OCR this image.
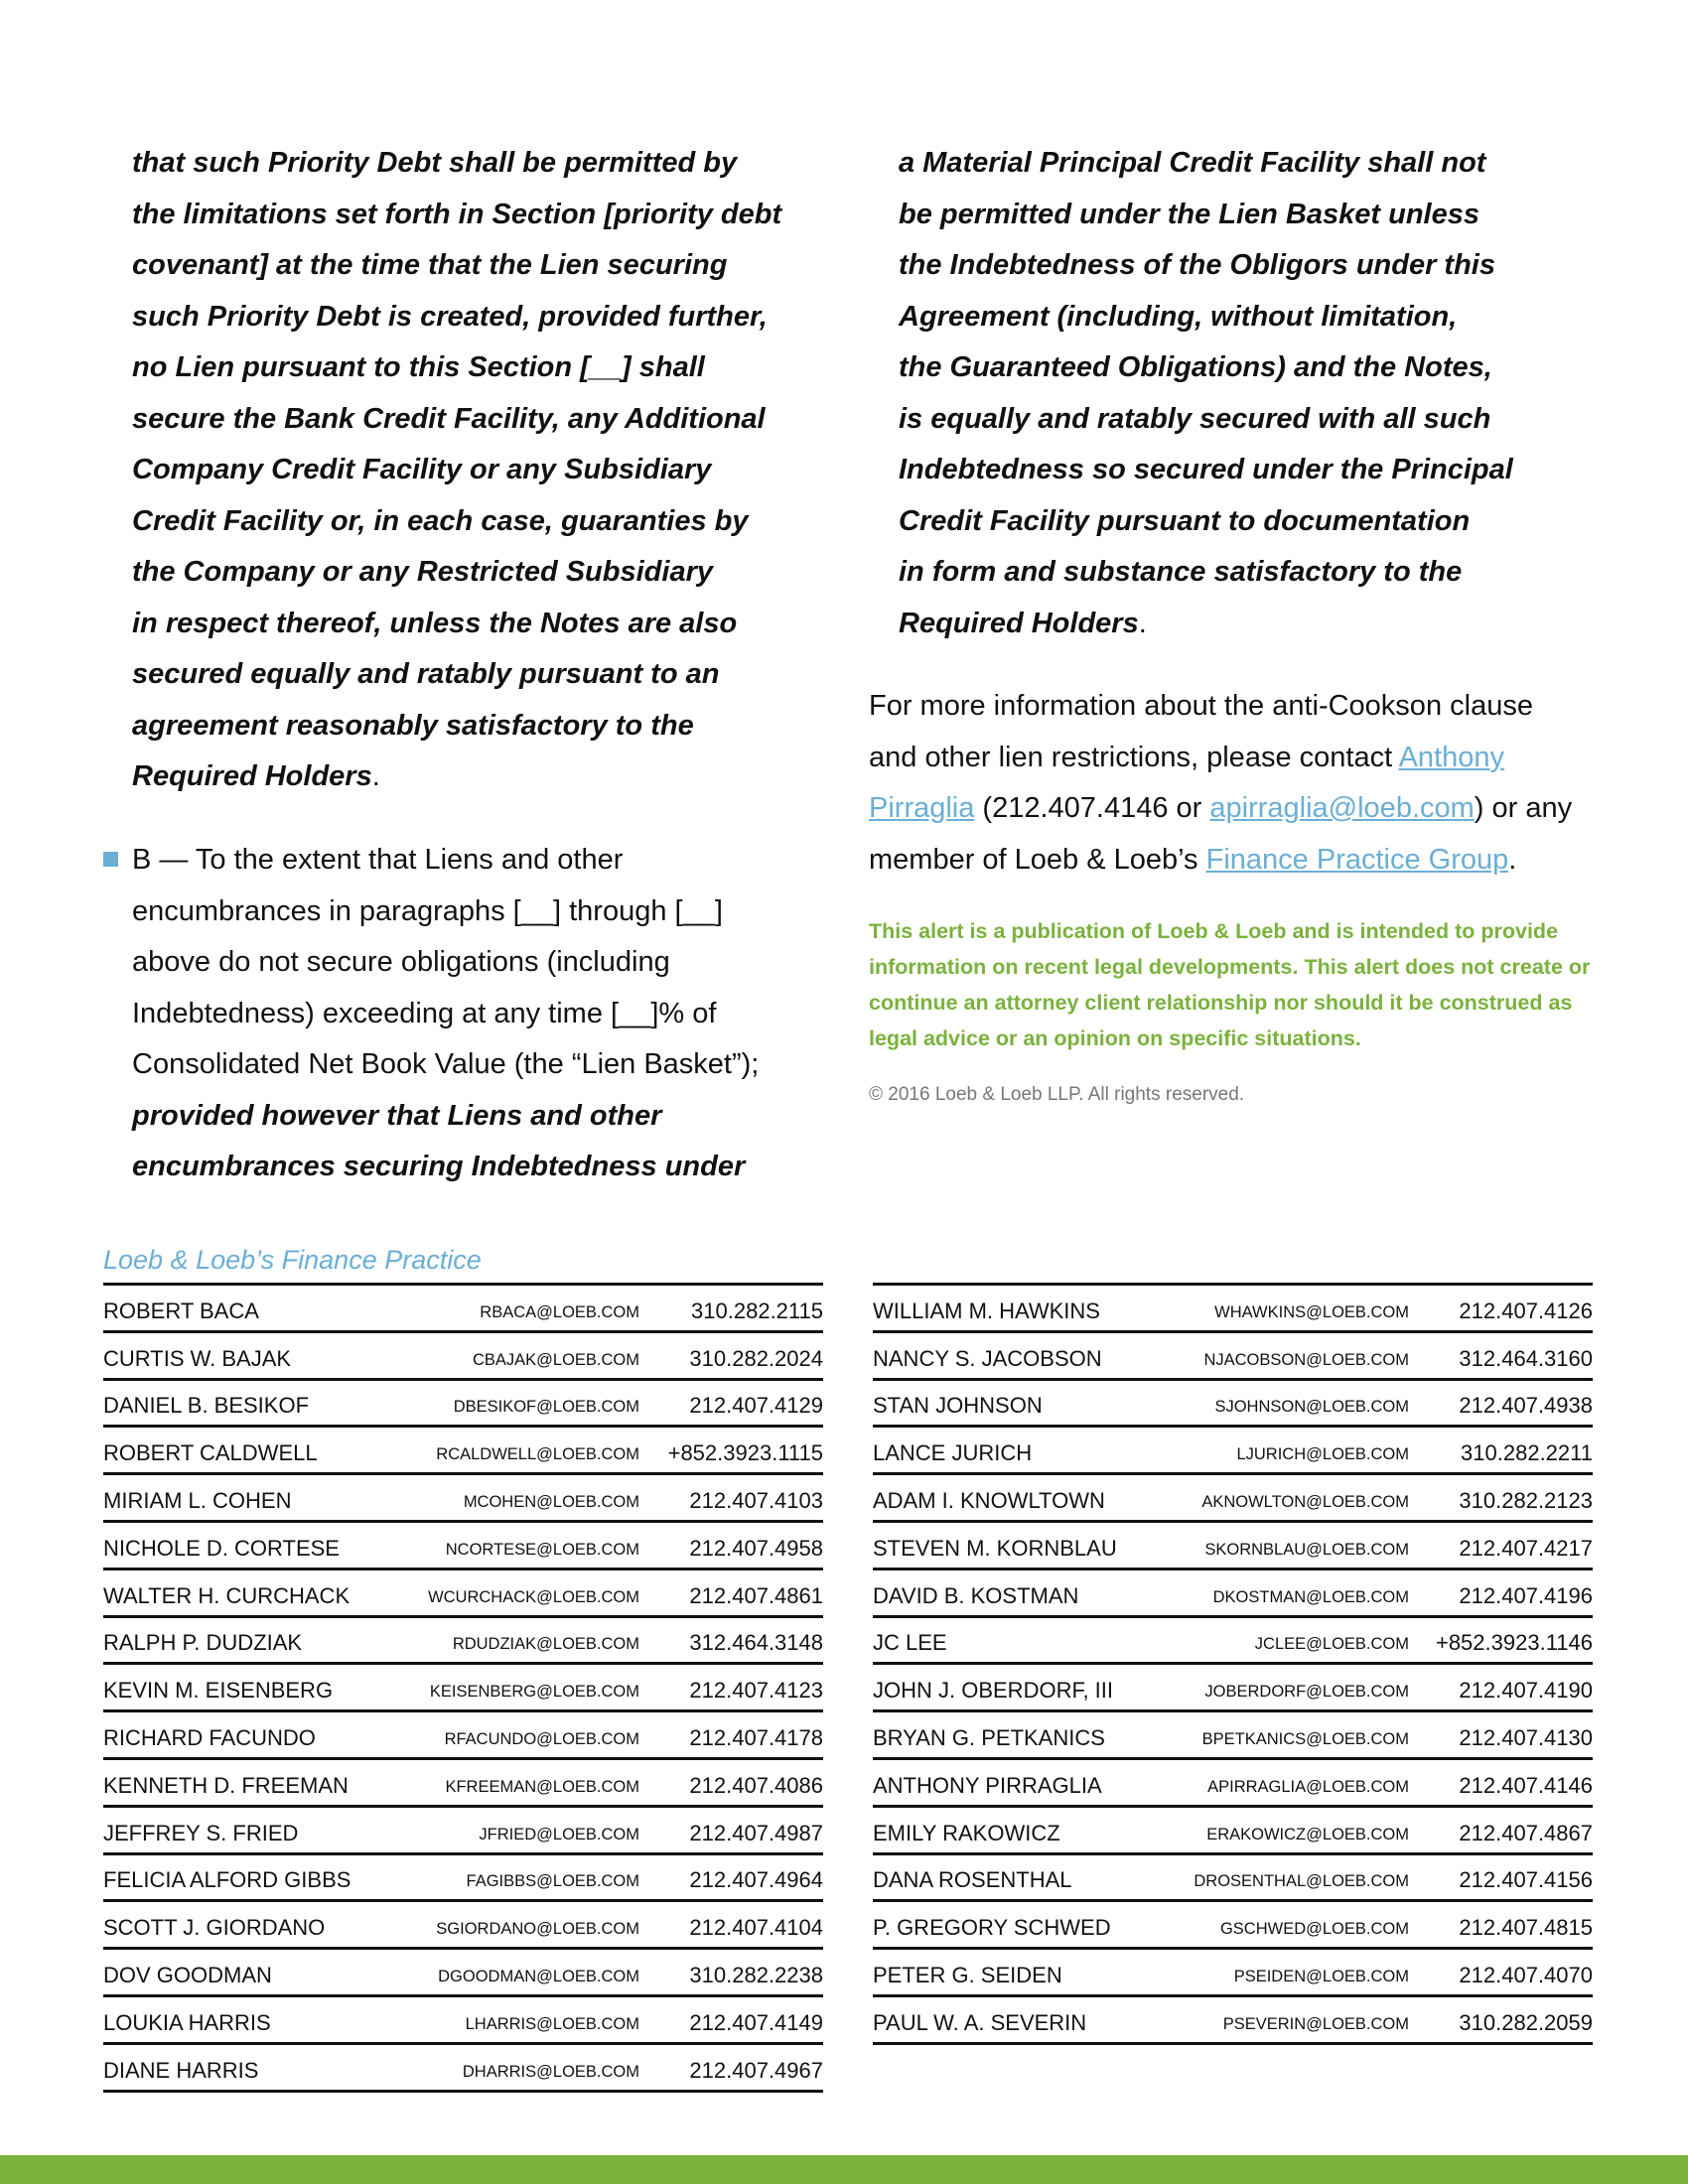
that such Priority Debt shall be permitted by
the limitations set forth in Section [priority debt
covenant] at the time that the Lien securing
such Priority Debt is created, provided further,
no Lien pursuant to this Section [__] shall
secure the Bank Credit Facility, any Additional
Company Credit Facility or any Subsidiary
Credit Facility or, in each case, guaranties by
the Company or any Restricted Subsidiary
in respect thereof, unless the Notes are also
secured equally and ratably pursuant to an
agreement reasonably satisfactory to the
Required Holders.
B — To the extent that Liens and other
encumbrances in paragraphs [__] through [__]
above do not secure obligations (including
Indebtedness) exceeding at any time [__]% of
Consolidated Net Book Value (the “Lien Basket”);
provided however that Liens and other
encumbrances securing Indebtedness under
a Material Principal Credit Facility shall not
be permitted under the Lien Basket unless
the Indebtedness of the Obligors under this
Agreement (including, without limitation,
the Guaranteed Obligations) and the Notes,
is equally and ratably secured with all such
Indebtedness so secured under the Principal
Credit Facility pursuant to documentation
in form and substance satisfactory to the
Required Holders.
For more information about the anti-Cookson clause
and other lien restrictions, please contact Anthony
Pirraglia (212.407.4146 or apirraglia@loeb.com) or any
member of Loeb & Loeb’s Finance Practice Group.
This alert is a publication of Loeb & Loeb and is intended to provide
information on recent legal developments. This alert does not create or
continue an attorney client relationship nor should it be construed as
legal advice or an opinion on specific situations.
© 2016 Loeb & Loeb LLP. All rights reserved.
Loeb & Loeb’s Finance Practice
ROBERT BACA	RBACA@LOEB.COM 310.282.2115
CURTIS W. BAJAK	CBAJAK@LOEB.COM 310.282.2024
DANIEL B. BESIKOF	DBESIKOF@LOEB.COM 212.407.4129
ROBERT CALDWELL	RCALDWELL@LOEB.COM +852.3923.1115
MIRIAM L. COHEN	MCOHEN@LOEB.COM 212.407.4103
NICHOLE D. CORTESE	NCORTESE@LOEB.COM 212.407.4958
WALTER H. CURCHACK	WCURCHACK@LOEB.COM 212.407.4861
RALPH P. DUDZIAK	RDUDZIAK@LOEB.COM 312.464.3148
KEVIN M. EISENBERG	KEISENBERG@LOEB.COM 212.407.4123
RICHARD FACUNDO	RFACUNDO@LOEB.COM 212.407.4178
KENNETH D. FREEMAN	KFREEMAN@LOEB.COM 212.407.4086
JEFFREY S. FRIED	JFRIED@LOEB.COM 212.407.4987
FELICIA ALFORD GIBBS	FAGIBBS@LOEB.COM 212.407.4964
SCOTT J. GIORDANO	SGIORDANO@LOEB.COM 212.407.4104
DOV GOODMAN	DGOODMAN@LOEB.COM 310.282.2238
LOUKIA HARRIS	LHARRIS@LOEB.COM 212.407.4149
DIANE HARRIS	DHARRIS@LOEB.COM 212.407.4967
WILLIAM M. HAWKINS	WHAWKINS@LOEB.COM 212.407.4126
NANCY S. JACOBSON	NJACOBSON@LOEB.COM 312.464.3160
STAN JOHNSON	SJOHNSON@LOEB.COM 212.407.4938
LANCE JURICH	LJURICH@LOEB.COM 310.282.2211
ADAM I. KNOWLTOWN	AKNOWLTON@LOEB.COM 310.282.2123
STEVEN M. KORNBLAU	SKORNBLAU@LOEB.COM 212.407.4217
DAVID B. KOSTMAN	DKOSTMAN@LOEB.COM 212.407.4196
JC LEE	JCLEE@LOEB.COM +852.3923.1146
JOHN J. OBERDORF, III	JOBERDORF@LOEB.COM 212.407.4190
BRYAN G. PETKANICS	BPETKANICS@LOEB.COM 212.407.4130
ANTHONY PIRRAGLIA	APIRRAGLIA@LOEB.COM 212.407.4146
EMILY RAKOWICZ	ERAKOWICZ@LOEB.COM 212.407.4867
DANA ROSENTHAL	DROSENTHAL@LOEB.COM 212.407.4156
P. GREGORY SCHWED	GSCHWED@LOEB.COM 212.407.4815
PETER G. SEIDEN	PSEIDEN@LOEB.COM 212.407.4070
PAUL W. A. SEVERIN	PSEVERIN@LOEB.COM 310.282.2059
